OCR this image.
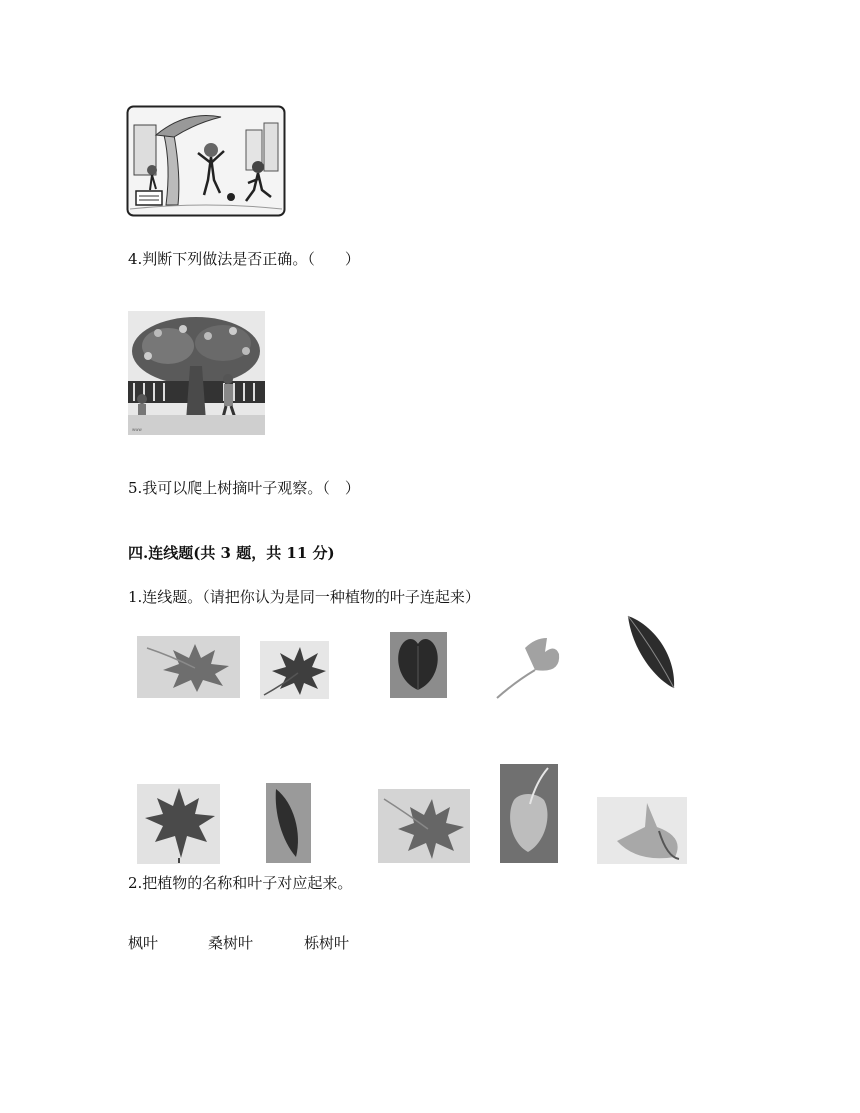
4.判断下列做法是否正确。（　　）
www
5.我可以爬上树摘叶子观察。（　）
四.连线题(共 3 题，共 11 分)
1.连线题。（请把你认为是同一种植物的叶子连起来）
2.把植物的名称和叶子对应起来。
枫叶	桑树叶	栎树叶
